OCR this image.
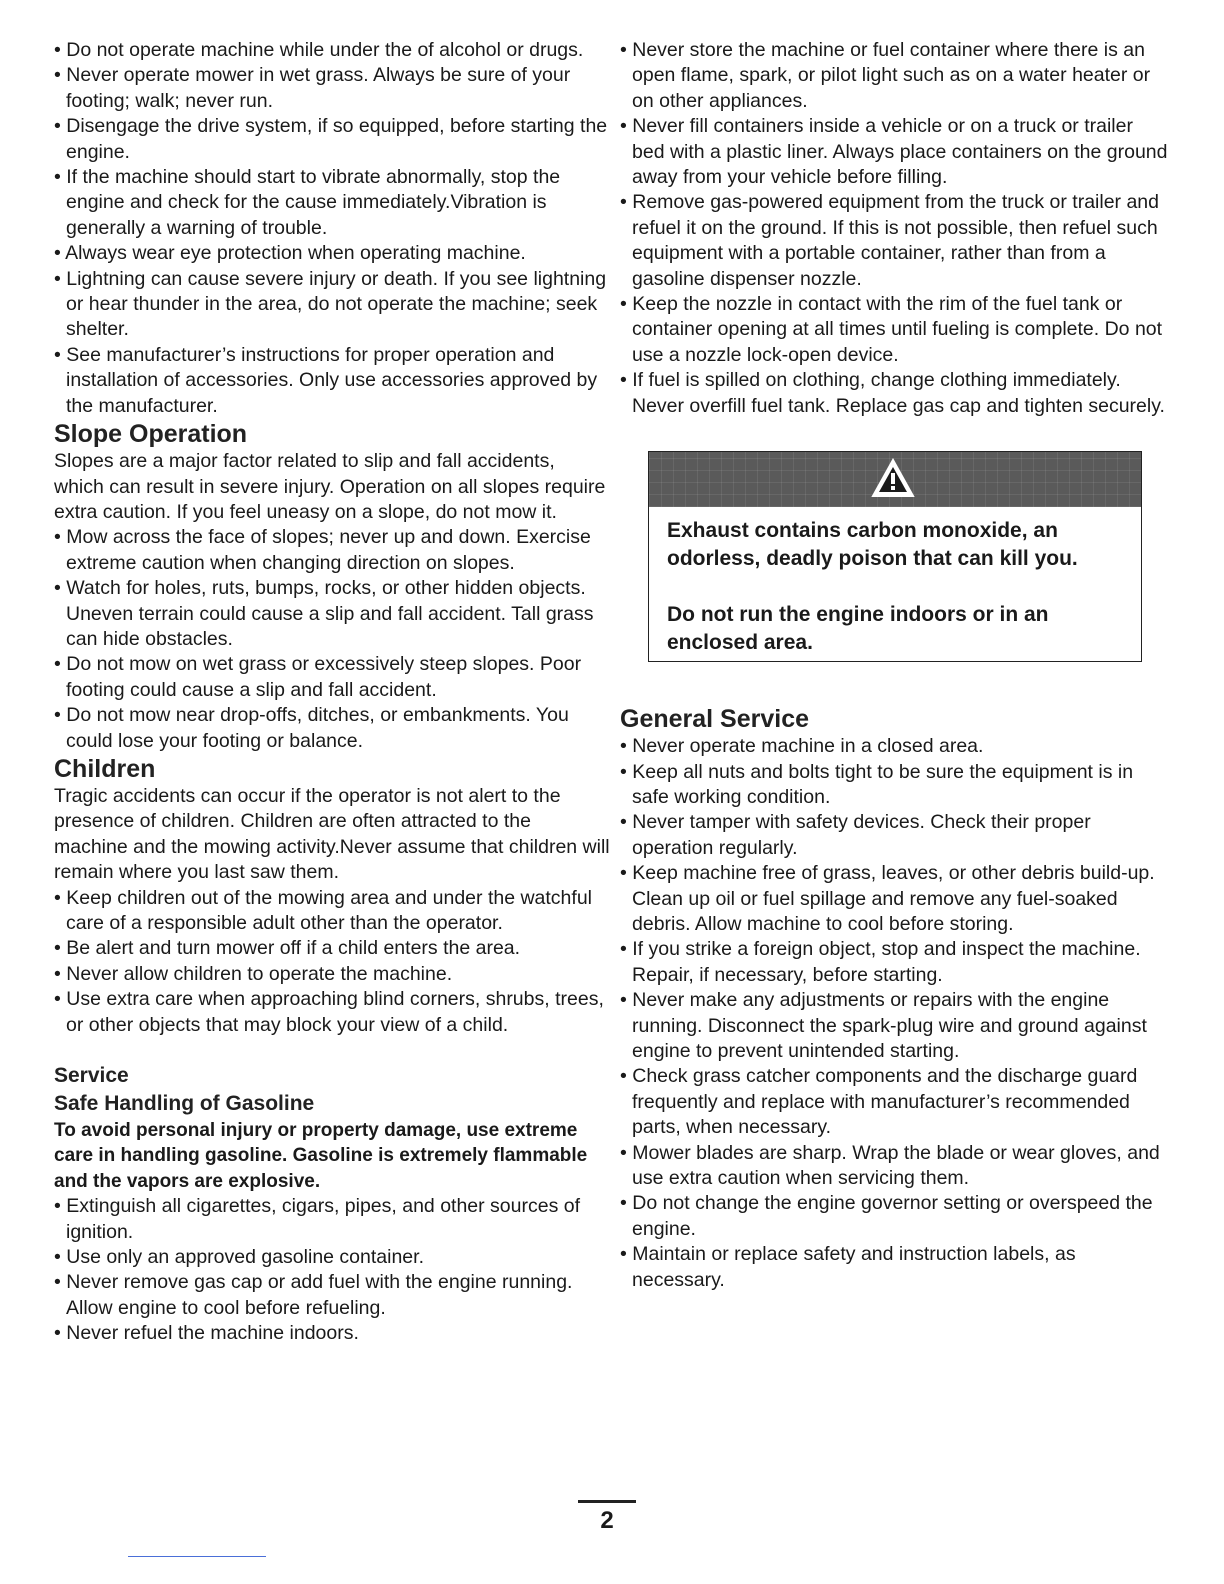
• Do not operate machine while under the of alcohol or drugs.

• Never operate mower in wet grass. Always be sure of your footing; walk; never run.

• Disengage the drive system, if so equipped, before starting the engine.

• If the machine should start to vibrate abnormally, stop the engine and check for the cause immediately.Vibration is generally a warning of trouble.

• Always wear eye protection when operating machine.

• Lightning can cause severe injury or death. If you see lightning or hear thunder in the area, do not operate the machine; seek shelter.

• See manufacturer’s instructions for proper operation and installation of accessories. Only use accessories approved by the manufacturer.

Slope Operation

Slopes are a major factor related to slip and fall accidents, which can result in severe injury. Operation on all slopes require extra caution. If you feel uneasy on a slope, do not mow it.

• Mow across the face of slopes; never up and down. Exercise extreme caution when changing direction on slopes.

• Watch for holes, ruts, bumps, rocks, or other hidden objects. Uneven terrain could cause a slip and fall accident. Tall grass can hide obstacles.

• Do not mow on wet grass or excessively steep slopes. Poor footing could cause a slip and fall accident.

• Do not mow near drop-offs, ditches, or embankments. You could lose your footing or balance.

Children

Tragic accidents can occur if the operator is not alert to the presence of children. Children are often attracted to the machine and the mowing activity.Never assume that children will remain where you last saw them.

• Keep children out of the mowing area and under the watchful care of a responsible adult other than the operator.

• Be alert and turn mower off if a child enters the area.

• Never allow children to operate the machine.

• Use extra care when approaching blind corners, shrubs, trees, or other objects that may block your view of a child.

Service
Safe Handling of Gasoline

To avoid personal injury or property damage, use extreme care in handling gasoline. Gasoline is extremely flammable and the vapors are explosive.

• Extinguish all cigarettes, cigars, pipes, and other sources of ignition.

• Use only an approved gasoline container.

• Never remove gas cap or add fuel with the engine running. Allow engine to cool before refueling.

• Never refuel the machine indoors.

• Never store the machine or fuel container where there is an open flame, spark, or pilot light such as on a water heater or on other appliances.

• Never fill containers inside a vehicle or on a truck or trailer bed with a plastic liner. Always place containers on the ground away from your vehicle before filling.

• Remove gas-powered equipment from the truck or trailer and refuel it on the ground. If this is not possible, then refuel such equipment with a portable container, rather than from a gasoline dispenser nozzle.

• Keep the nozzle in contact with the rim of the fuel tank or container opening at all times until fueling is complete. Do not use a nozzle lock-open device.

• If fuel is spilled on clothing, change clothing immediately. Never overfill fuel tank. Replace gas cap and tighten securely.

Exhaust contains carbon monoxide, an odorless, deadly poison that can kill you.

Do not run the engine indoors or in an enclosed area.

General Service

• Never operate machine in a closed area.

• Keep all nuts and bolts tight to be sure the equipment is in safe working condition.

• Never tamper with safety devices. Check their proper operation regularly.

• Keep machine free of grass, leaves, or other debris build-up. Clean up oil or fuel spillage and remove any fuel-soaked debris. Allow machine to cool before storing.

• If you strike a foreign object, stop and inspect the machine. Repair, if necessary, before starting.

• Never make any adjustments or repairs with the engine running. Disconnect the spark-plug wire and ground against engine to prevent unintended starting.

• Check grass catcher components and the discharge guard frequently and replace with manufacturer’s recommended parts, when necessary.

• Mower blades are sharp. Wrap the blade or wear gloves, and use extra caution when servicing them.

• Do not change the engine governor setting or overspeed the engine.

• Maintain or replace safety and instruction labels, as necessary.

2
